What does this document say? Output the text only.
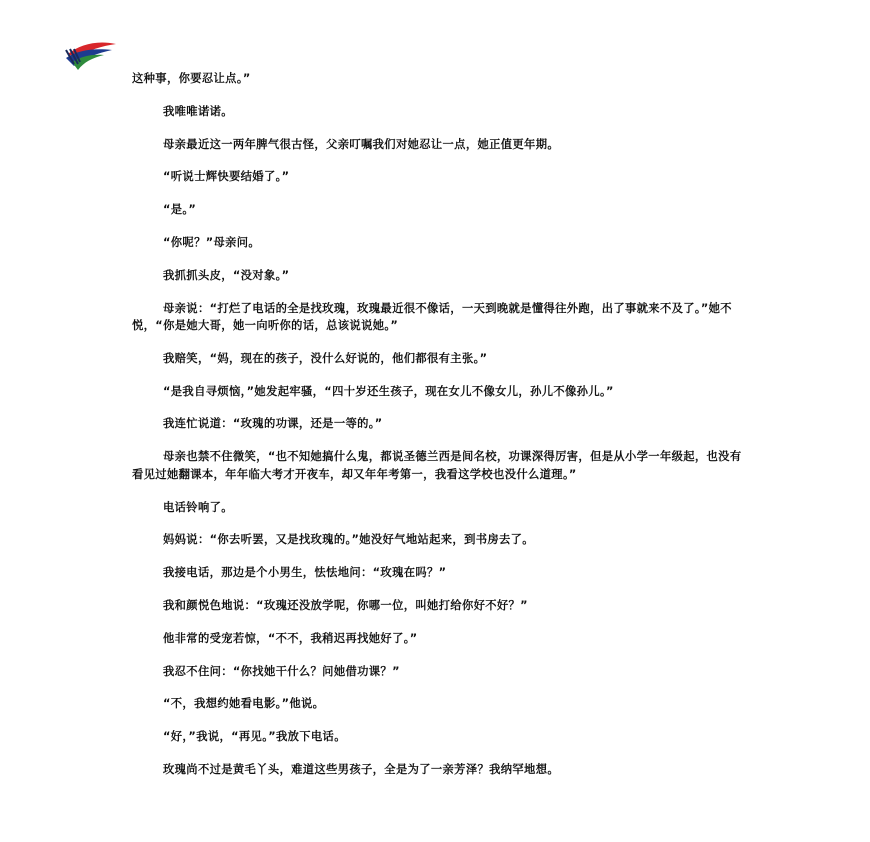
这种事，你要忍让点。”

我唯唯诺诺。

母亲最近这一两年脾气很古怪，父亲叮嘱我们对她忍让一点，她正值更年期。

“听说士辉快要结婚了。”

“是。”

“你呢？”母亲问。

我抓抓头皮，“没对象。”

母亲说：“打烂了电话的全是找玫瑰，玫瑰最近很不像话，一天到晚就是懂得往外跑，出了事就来不及了。”她不悦，“你是她大哥，她一向听你的话，总该说说她。”

我赔笑，“妈，现在的孩子，没什么好说的，他们都很有主张。”

“是我自寻烦恼，”她发起牢骚，“四十岁还生孩子，现在女儿不像女儿，孙儿不像孙儿。”

我连忙说道：“玫瑰的功课，还是一等的。”

母亲也禁不住微笑，“也不知她搞什么鬼，都说圣德兰西是间名校，功课深得厉害，但是从小学一年级起，也没有看见过她翻课本，年年临大考才开夜车，却又年年考第一，我看这学校也没什么道理。”

电话铃响了。

妈妈说：“你去听罢，又是找玫瑰的。”她没好气地站起来，到书房去了。

我接电话，那边是个小男生，怯怯地问：“玫瑰在吗？”

我和颜悦色地说：“玫瑰还没放学呢，你哪一位，叫她打给你好不好？”

他非常的受宠若惊，“不不，我稍迟再找她好了。”

我忍不住问：“你找她干什么？问她借功课？”

“不，我想约她看电影。”他说。

“好，”我说，“再见。”我放下电话。

玫瑰尚不过是黄毛丫头，难道这些男孩子，全是为了一亲芳泽？我纳罕地想。
